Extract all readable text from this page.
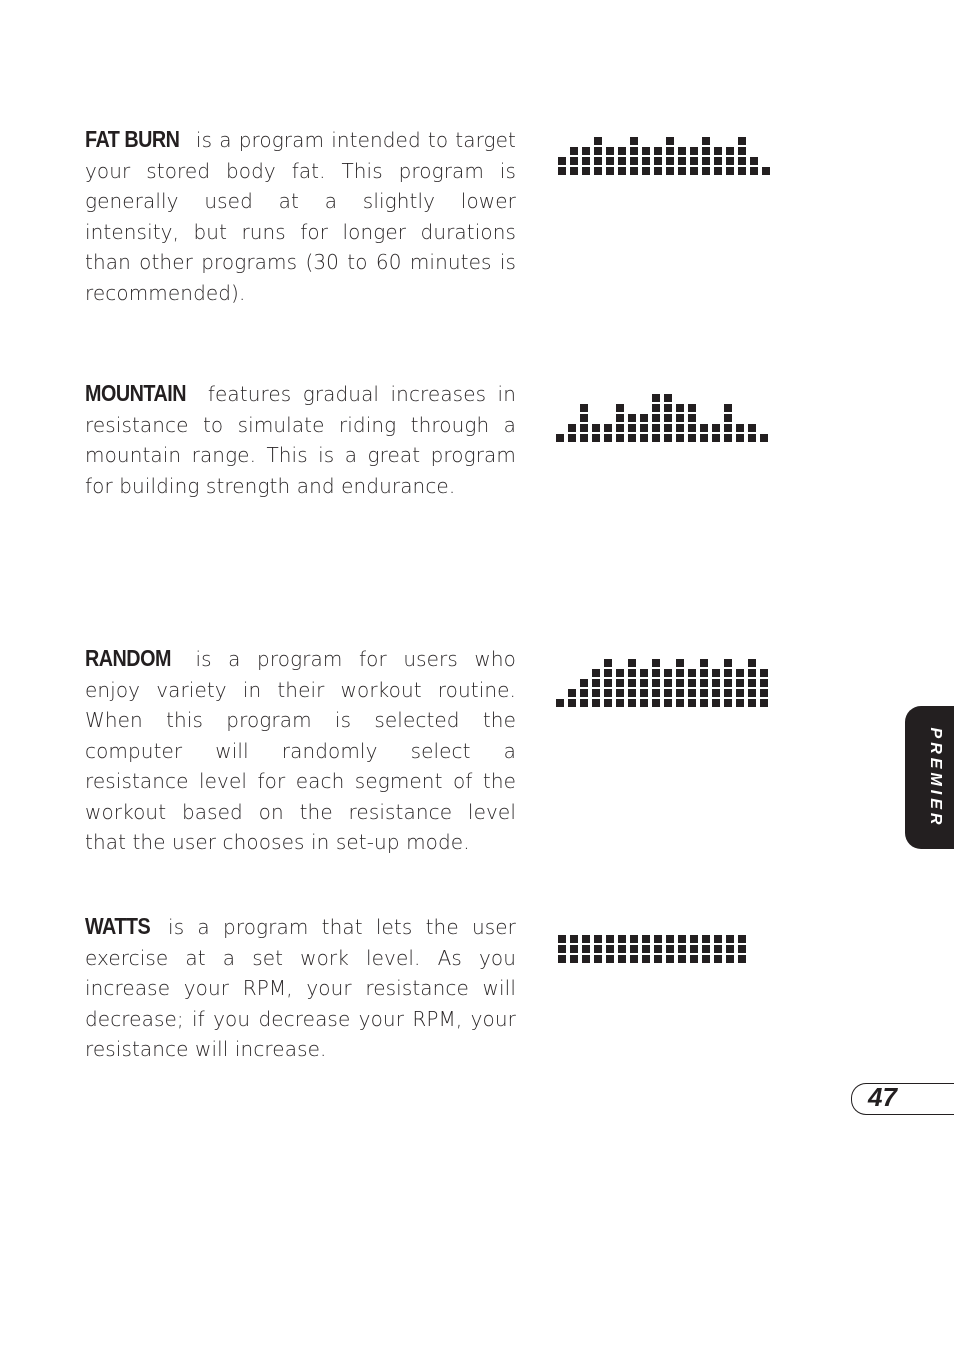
FAT BURN is a program intended to target your stored body fat. This program is generally used at a slightly lower intensity, but runs for longer durations than other programs (30 to 60 minutes is recommended).

MOUNTAIN features gradual increases in resistance to simulate riding through a mountain range. This is a great program for building strength and endurance.

RANDOM is a program for users who enjoy variety in their workout routine. When this program is selected the computer will randomly select a resistance level for each segment of the workout based on the resistance level that the user chooses in set-up mode.

WATTS is a program that lets the user exercise at a set work level. As you increase your RPM, your resistance will decrease; if you decrease your RPM, your resistance will increase.

PREMIER
47
